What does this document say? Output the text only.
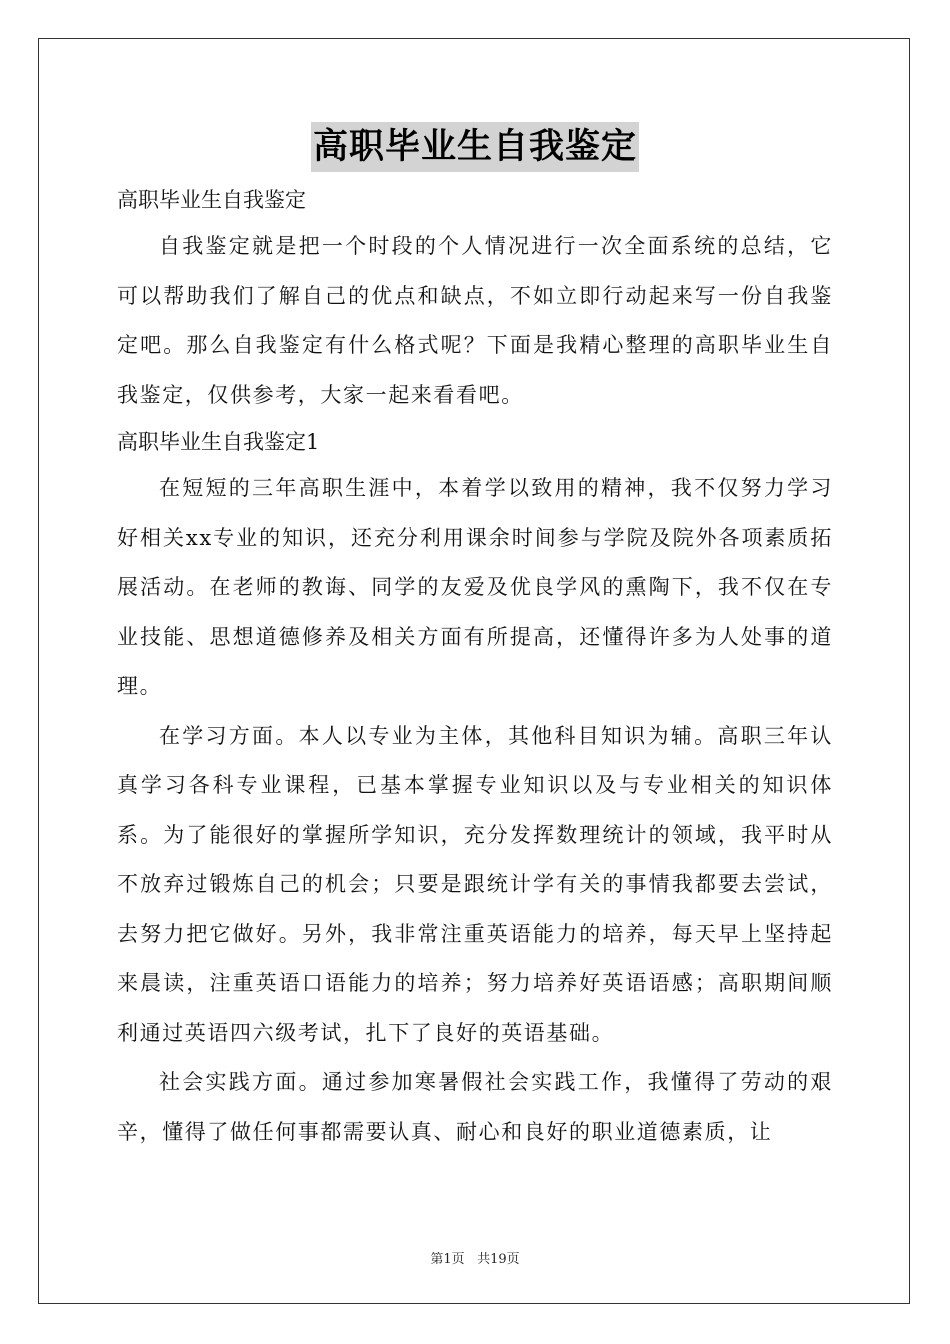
高职毕业生自我鉴定

高职毕业生自我鉴定

自我鉴定就是把一个时段的个人情况进行一次全面系统的总结，它可以帮助我们了解自己的优点和缺点，不如立即行动起来写一份自我鉴定吧。那么自我鉴定有什么格式呢？下面是我精心整理的高职毕业生自我鉴定，仅供参考，大家一起来看看吧。

高职毕业生自我鉴定1

在短短的三年高职生涯中，本着学以致用的精神，我不仅努力学习好相关xx专业的知识，还充分利用课余时间参与学院及院外各项素质拓展活动。在老师的教诲、同学的友爱及优良学风的熏陶下，我不仅在专业技能、思想道德修养及相关方面有所提高，还懂得许多为人处事的道理。

在学习方面。本人以专业为主体，其他科目知识为辅。高职三年认真学习各科专业课程，已基本掌握专业知识以及与专业相关的知识体系。为了能很好的掌握所学知识，充分发挥数理统计的领域，我平时从不放弃过锻炼自己的机会；只要是跟统计学有关的事情我都要去尝试，去努力把它做好。另外，我非常注重英语能力的培养，每天早上坚持起来晨读，注重英语口语能力的培养；努力培养好英语语感；高职期间顺利通过英语四六级考试，扎下了良好的英语基础。

社会实践方面。通过参加寒暑假社会实践工作，我懂得了劳动的艰辛，懂得了做任何事都需要认真、耐心和良好的职业道德素质，让

第1页 共19页
